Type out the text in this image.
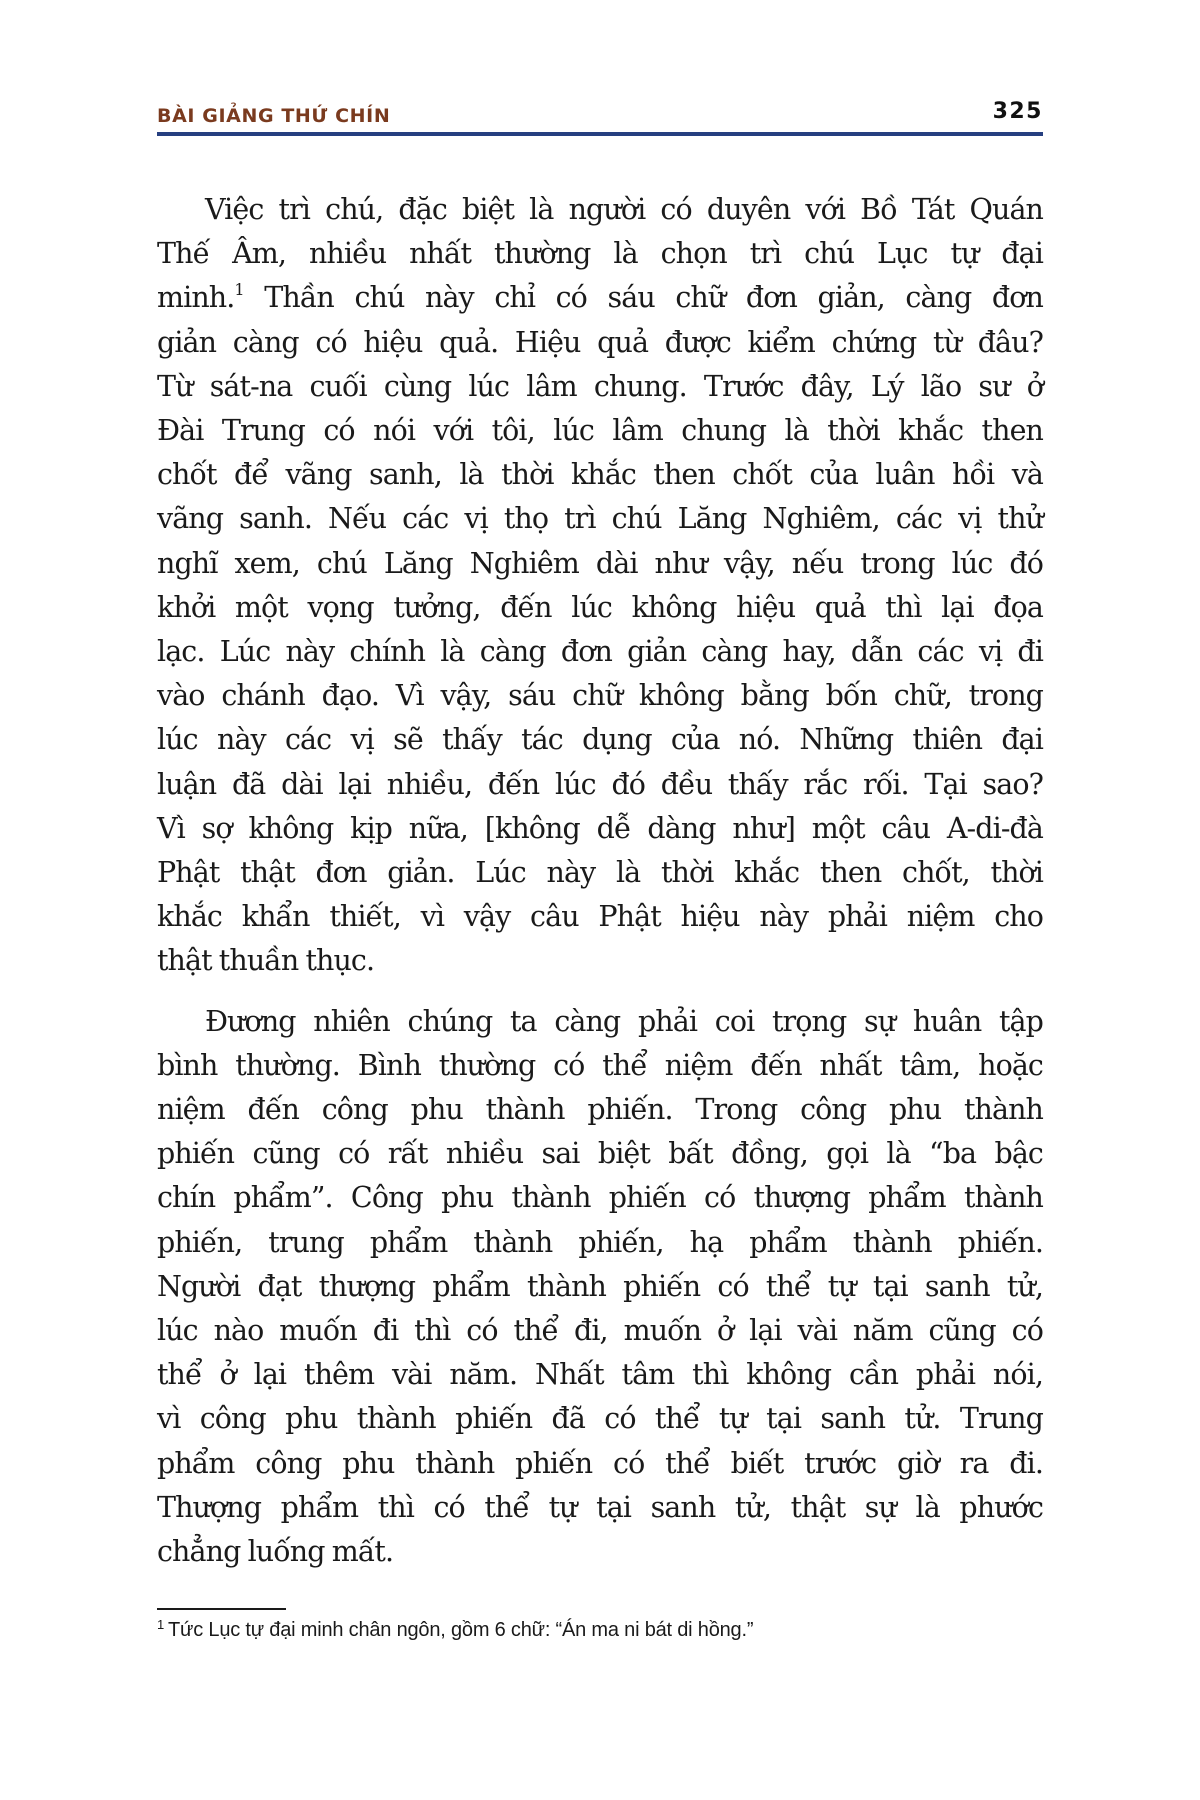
BÀI GIẢNG THỨ CHÍN	325

Việc trì chú, đặc biệt là người có duyên với Bồ Tát Quán
Thế Âm, nhiều nhất thường là chọn trì chú Lục tự đại
minh.$^1$ Thần chú này chỉ có sáu chữ đơn giản, càng đơn
giản càng có hiệu quả. Hiệu quả được kiểm chứng từ đâu?
Từ sát-na cuối cùng lúc lâm chung. Trước đây, Lý lão sư ở
Đài Trung có nói với tôi, lúc lâm chung là thời khắc then
chốt để vãng sanh, là thời khắc then chốt của luân hồi và
vãng sanh. Nếu các vị thọ trì chú Lăng Nghiêm, các vị thử
nghĩ xem, chú Lăng Nghiêm dài như vậy, nếu trong lúc đó
khởi một vọng tưởng, đến lúc không hiệu quả thì lại đọa
lạc. Lúc này chính là càng đơn giản càng hay, dẫn các vị đi
vào chánh đạo. Vì vậy, sáu chữ không bằng bốn chữ, trong
lúc này các vị sẽ thấy tác dụng của nó. Những thiên đại
luận đã dài lại nhiều, đến lúc đó đều thấy rắc rối. Tại sao?
Vì sợ không kịp nữa, [không dễ dàng như] một câu A-di-đà
Phật thật đơn giản. Lúc này là thời khắc then chốt, thời
khắc khẩn thiết, vì vậy câu Phật hiệu này phải niệm cho
thật thuần thục.

Đương nhiên chúng ta càng phải coi trọng sự huân tập
bình thường. Bình thường có thể niệm đến nhất tâm, hoặc
niệm đến công phu thành phiến. Trong công phu thành
phiến cũng có rất nhiều sai biệt bất đồng, gọi là “ba bậc
chín phẩm”. Công phu thành phiến có thượng phẩm thành
phiến, trung phẩm thành phiến, hạ phẩm thành phiến.
Người đạt thượng phẩm thành phiến có thể tự tại sanh tử,
lúc nào muốn đi thì có thể đi, muốn ở lại vài năm cũng có
thể ở lại thêm vài năm. Nhất tâm thì không cần phải nói,
vì công phu thành phiến đã có thể tự tại sanh tử. Trung
phẩm công phu thành phiến có thể biết trước giờ ra đi.
Thượng phẩm thì có thể tự tại sanh tử, thật sự là phước
chẳng luống mất.

$^1$ Tức Lục tự đại minh chân ngôn, gồm 6 chữ: “Án ma ni bát di hồng.”
